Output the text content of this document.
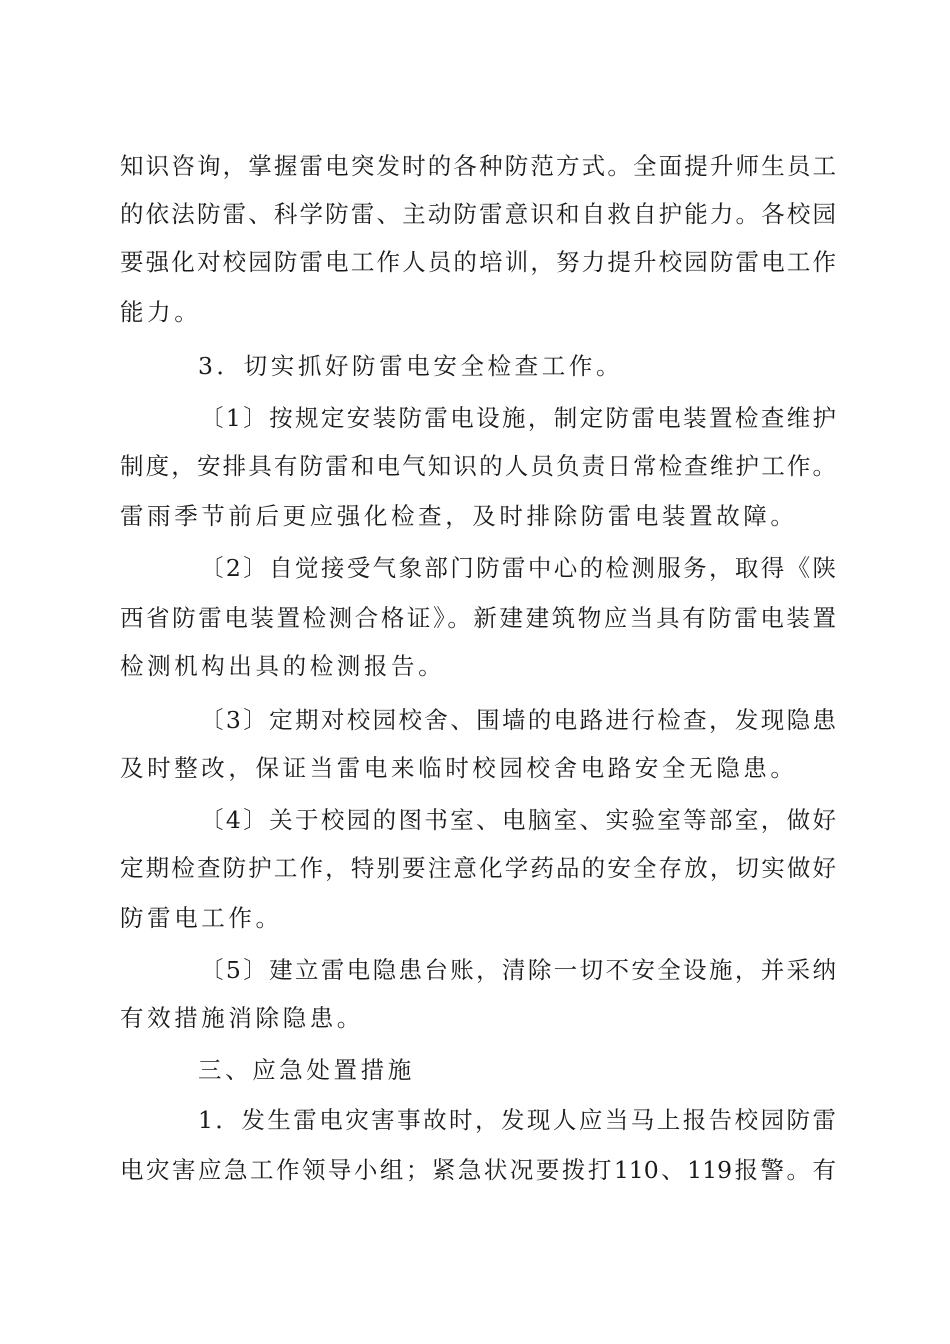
知识咨询，掌握雷电突发时的各种防范方式。全面提升师生员工
的依法防雷、科学防雷、主动防雷意识和自救自护能力。各校园
要强化对校园防雷电工作人员的培训，努力提升校园防雷电工作
能力。
3．切实抓好防雷电安全检查工作。
〔1〕按规定安装防雷电设施，制定防雷电装置检查维护
制度，安排具有防雷和电气知识的人员负责日常检查维护工作。
雷雨季节前后更应强化检查，及时排除防雷电装置故障。
〔2〕自觉接受气象部门防雷中心的检测服务，取得《陕
西省防雷电装置检测合格证》。新建建筑物应当具有防雷电装置
检测机构出具的检测报告。
〔3〕定期对校园校舍、围墙的电路进行检查，发现隐患
及时整改，保证当雷电来临时校园校舍电路安全无隐患。
〔4〕关于校园的图书室、电脑室、实验室等部室，做好
定期检查防护工作，特别要注意化学药品的安全存放，切实做好
防雷电工作。
〔5〕建立雷电隐患台账，清除一切不安全设施，并采纳
有效措施消除隐患。
三、应急处置措施
1．发生雷电灾害事故时，发现人应当马上报告校园防雷
电灾害应急工作领导小组；紧急状况要拨打110、119报警。有
